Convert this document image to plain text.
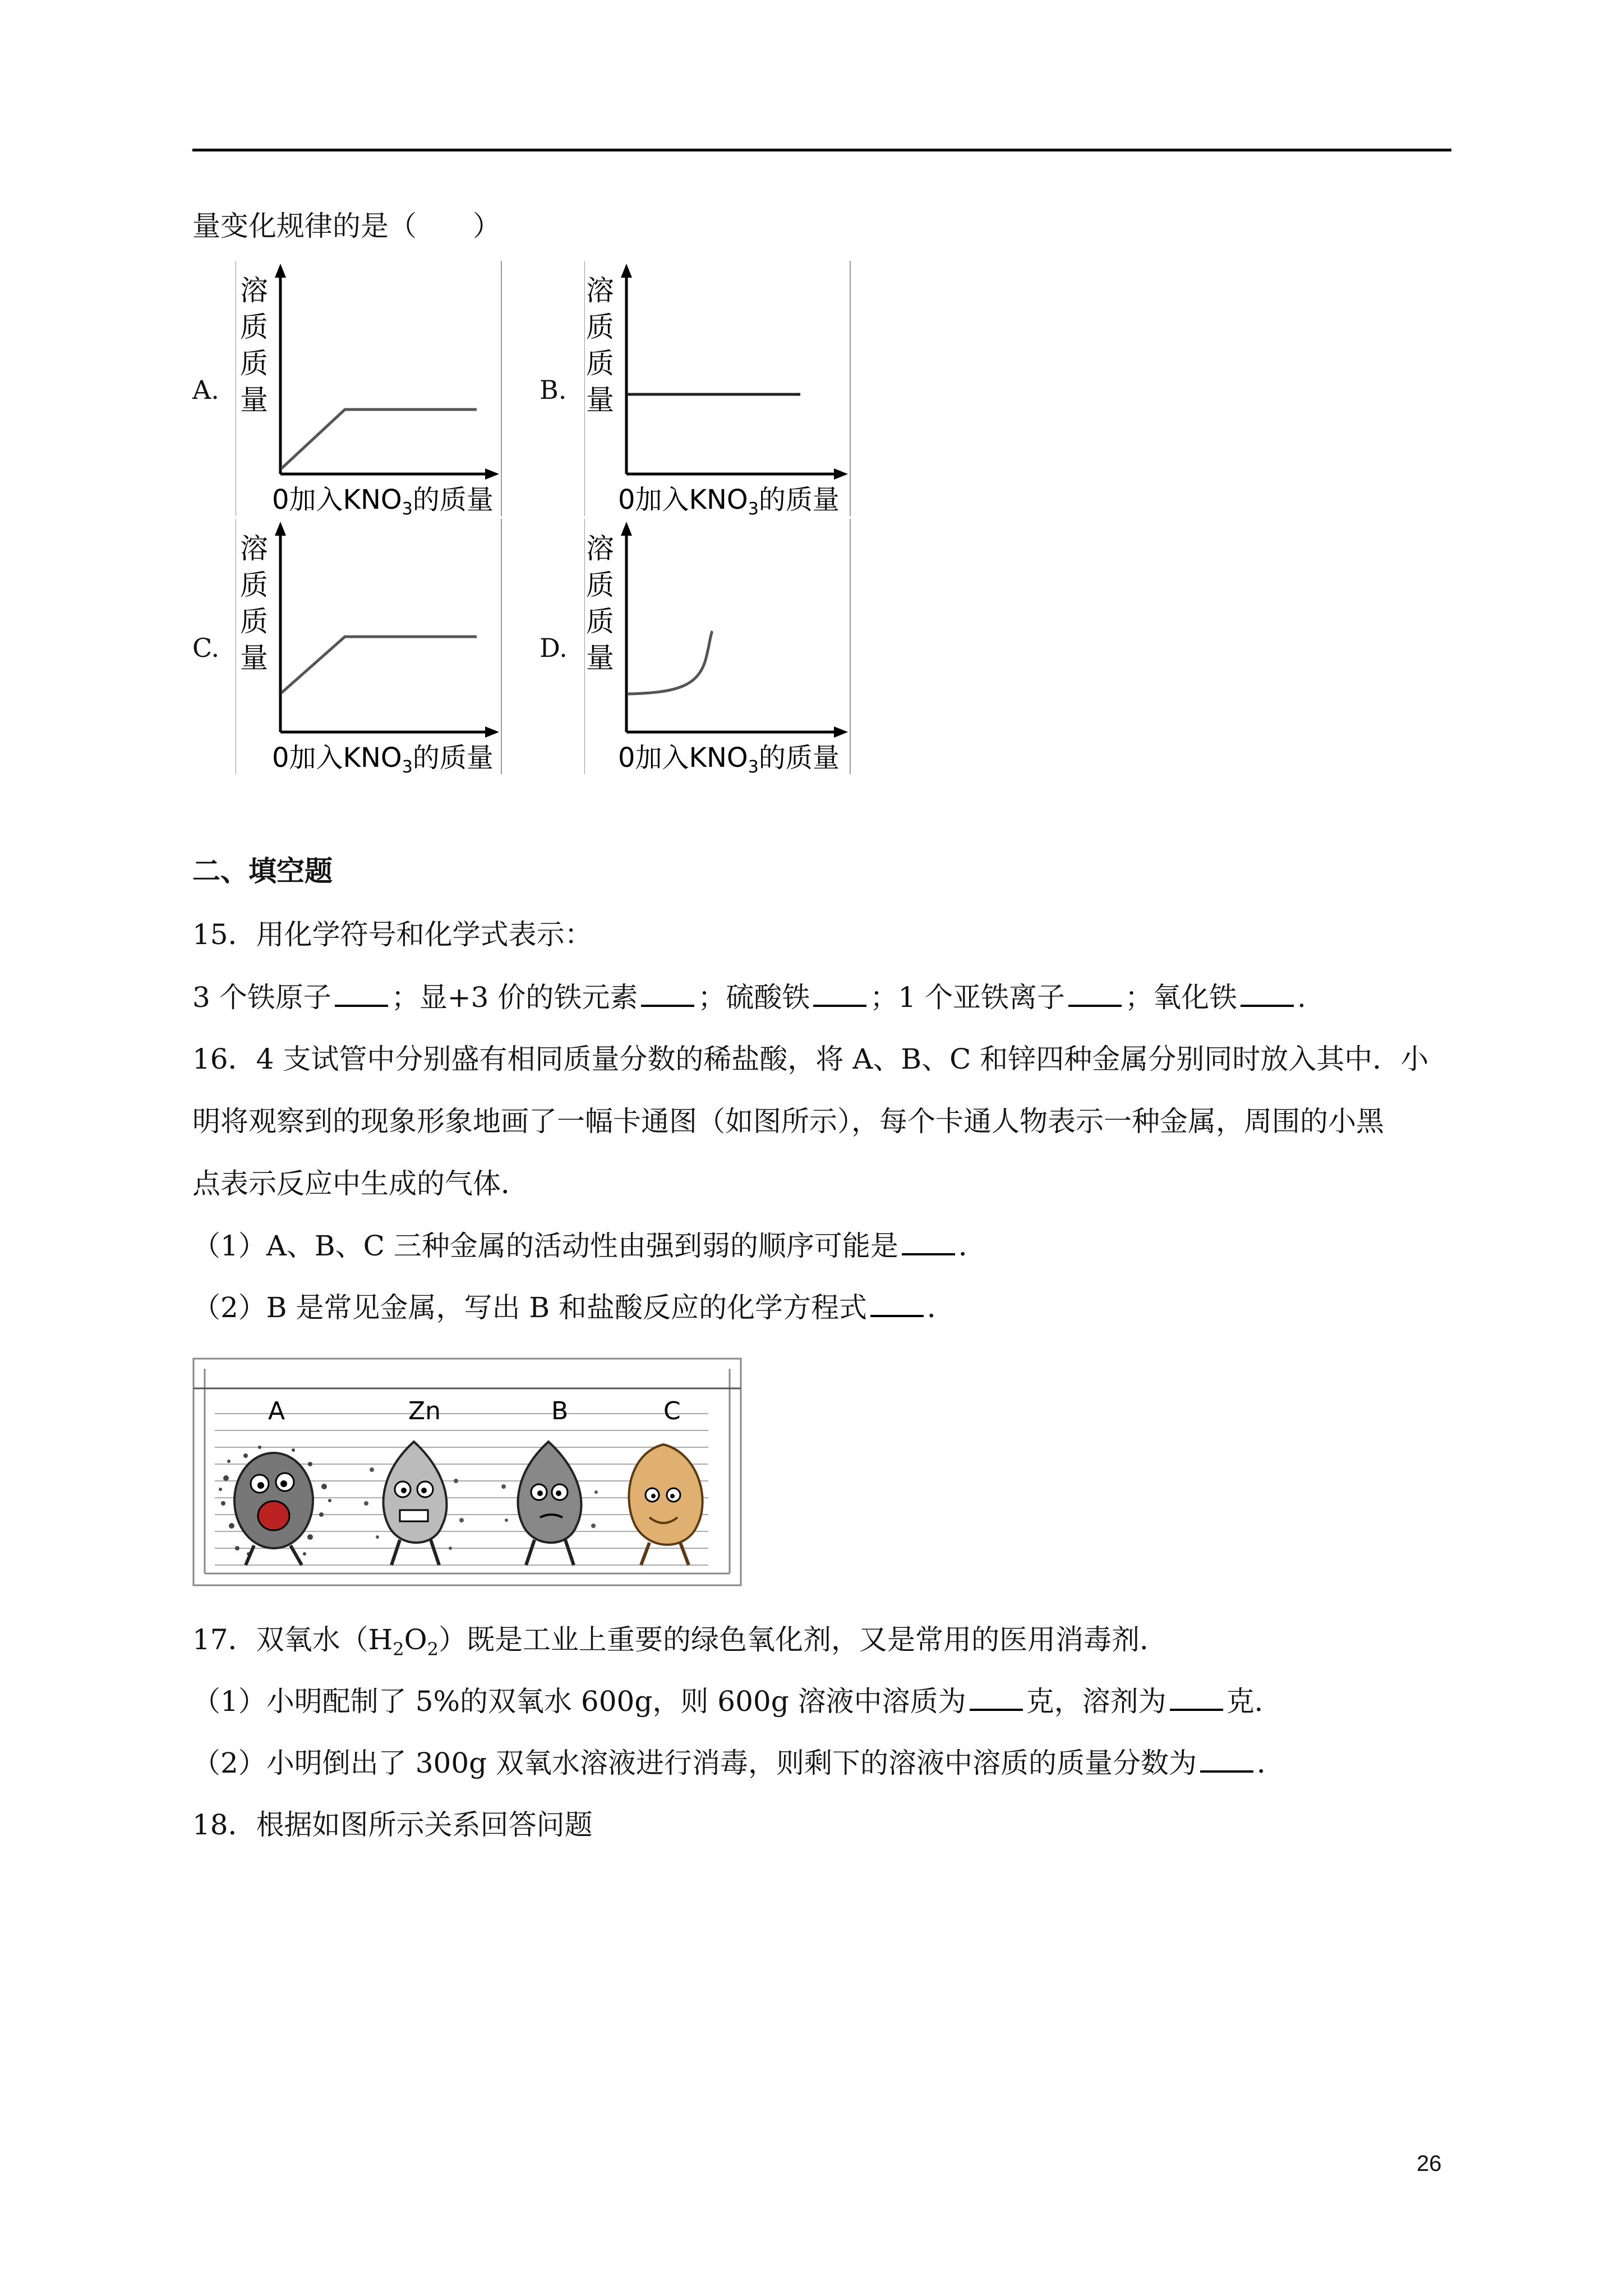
量变化规律的是（　　）
A.	B.
C.	D.
溶
质
质
量
0加入$KNO_3$的质量
溶
质
质
量
0加入$KNO_3$的质量
溶
质
质
量
0加入$KNO_3$的质量
溶
质
质
量
0加入$KNO_3$的质量
二、填空题
15．用化学符号和化学式表示：
3 个铁原子 ；显+3 价的铁元素 ；硫酸铁 ；1 个亚铁离子 ；氧化铁 .
16．4 支试管中分别盛有相同质量分数的稀盐酸，将 A、B、C 和锌四种金属分别同时放入其中．小
明将观察到的现象形象地画了一幅卡通图（如图所示），每个卡通人物表示一种金属，周围的小黑
点表示反应中生成的气体．
（1）A、B、C 三种金属的活动性由强到弱的顺序可能是 ．
（2）B 是常见金属，写出 B 和盐酸反应的化学方程式 ．
A	Zn	B	C
17．双氧水$(H_2O_2)$既是工业上重要的绿色氧化剂，又是常用的医用消毒剂．
（1）小明配制了 5%的双氧水 600g，则 600g 溶液中溶质为 克，溶剂为 克．
（2）小明倒出了 300g 双氧水溶液进行消毒，则剩下的溶液中溶质的质量分数为 ．
18．根据如图所示关系回答问题
26
